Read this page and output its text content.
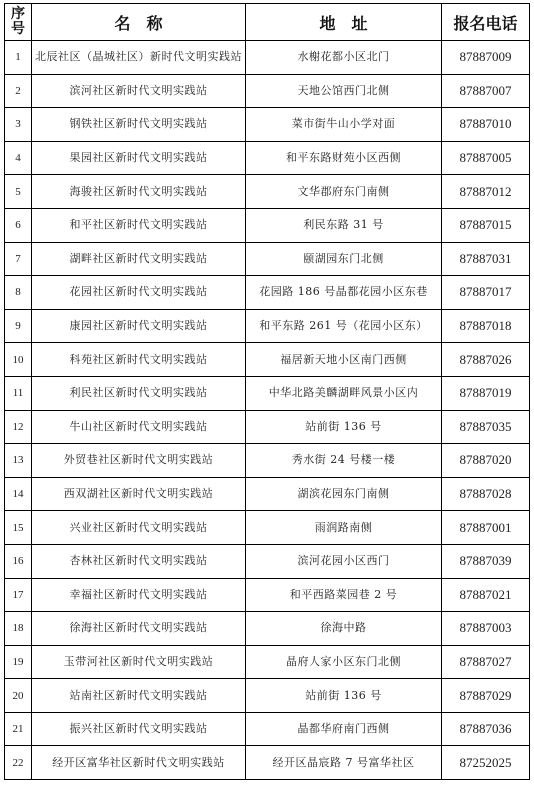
序
号	名　称	地　址	报名电话
1	北辰社区（晶城社区）新时代文明实践站	水榭花都小区北门	87887009
2	滨河社区新时代文明实践站	天地公馆西门北侧	87887007
3	钢铁社区新时代文明实践站	菜市街牛山小学对面	87887010
4	果园社区新时代文明实践站	和平东路财苑小区西侧	87887005
5	海骏社区新时代文明实践站	文华郡府东门南侧	87887012
6	和平社区新时代文明实践站	利民东路 31 号	87887015
7	湖畔社区新时代文明实践站	颐湖园东门北侧	87887031
8	花园社区新时代文明实践站	花园路 186 号晶都花园小区东巷	87887017
9	康园社区新时代文明实践站	和平东路 261 号（花园小区东）	87887018
10	科苑社区新时代文明实践站	福居新天地小区南门西侧	87887026
11	利民社区新时代文明实践站	中华北路美麟湖畔风景小区内	87887019
12	牛山社区新时代文明实践站	站前街 136 号	87887035
13	外贸巷社区新时代文明实践站	秀水街 24 号楼一楼	87887020
14	西双湖社区新时代文明实践站	湖滨花园东门南侧	87887028
15	兴业社区新时代文明实践站	雨润路南侧	87887001
16	杏林社区新时代文明实践站	滨河花园小区西门	87887039
17	幸福社区新时代文明实践站	和平西路菜园巷 2 号	87887021
18	徐海社区新时代文明实践站	徐海中路	87887003
19	玉带河社区新时代文明实践站	晶府人家小区东门北侧	87887027
20	站南社区新时代文明实践站	站前街 136 号	87887029
21	振兴社区新时代文明实践站	晶都华府南门西侧	87887036
22	经开区富华社区新时代文明实践站	经开区晶宸路 7 号富华社区	87252025
